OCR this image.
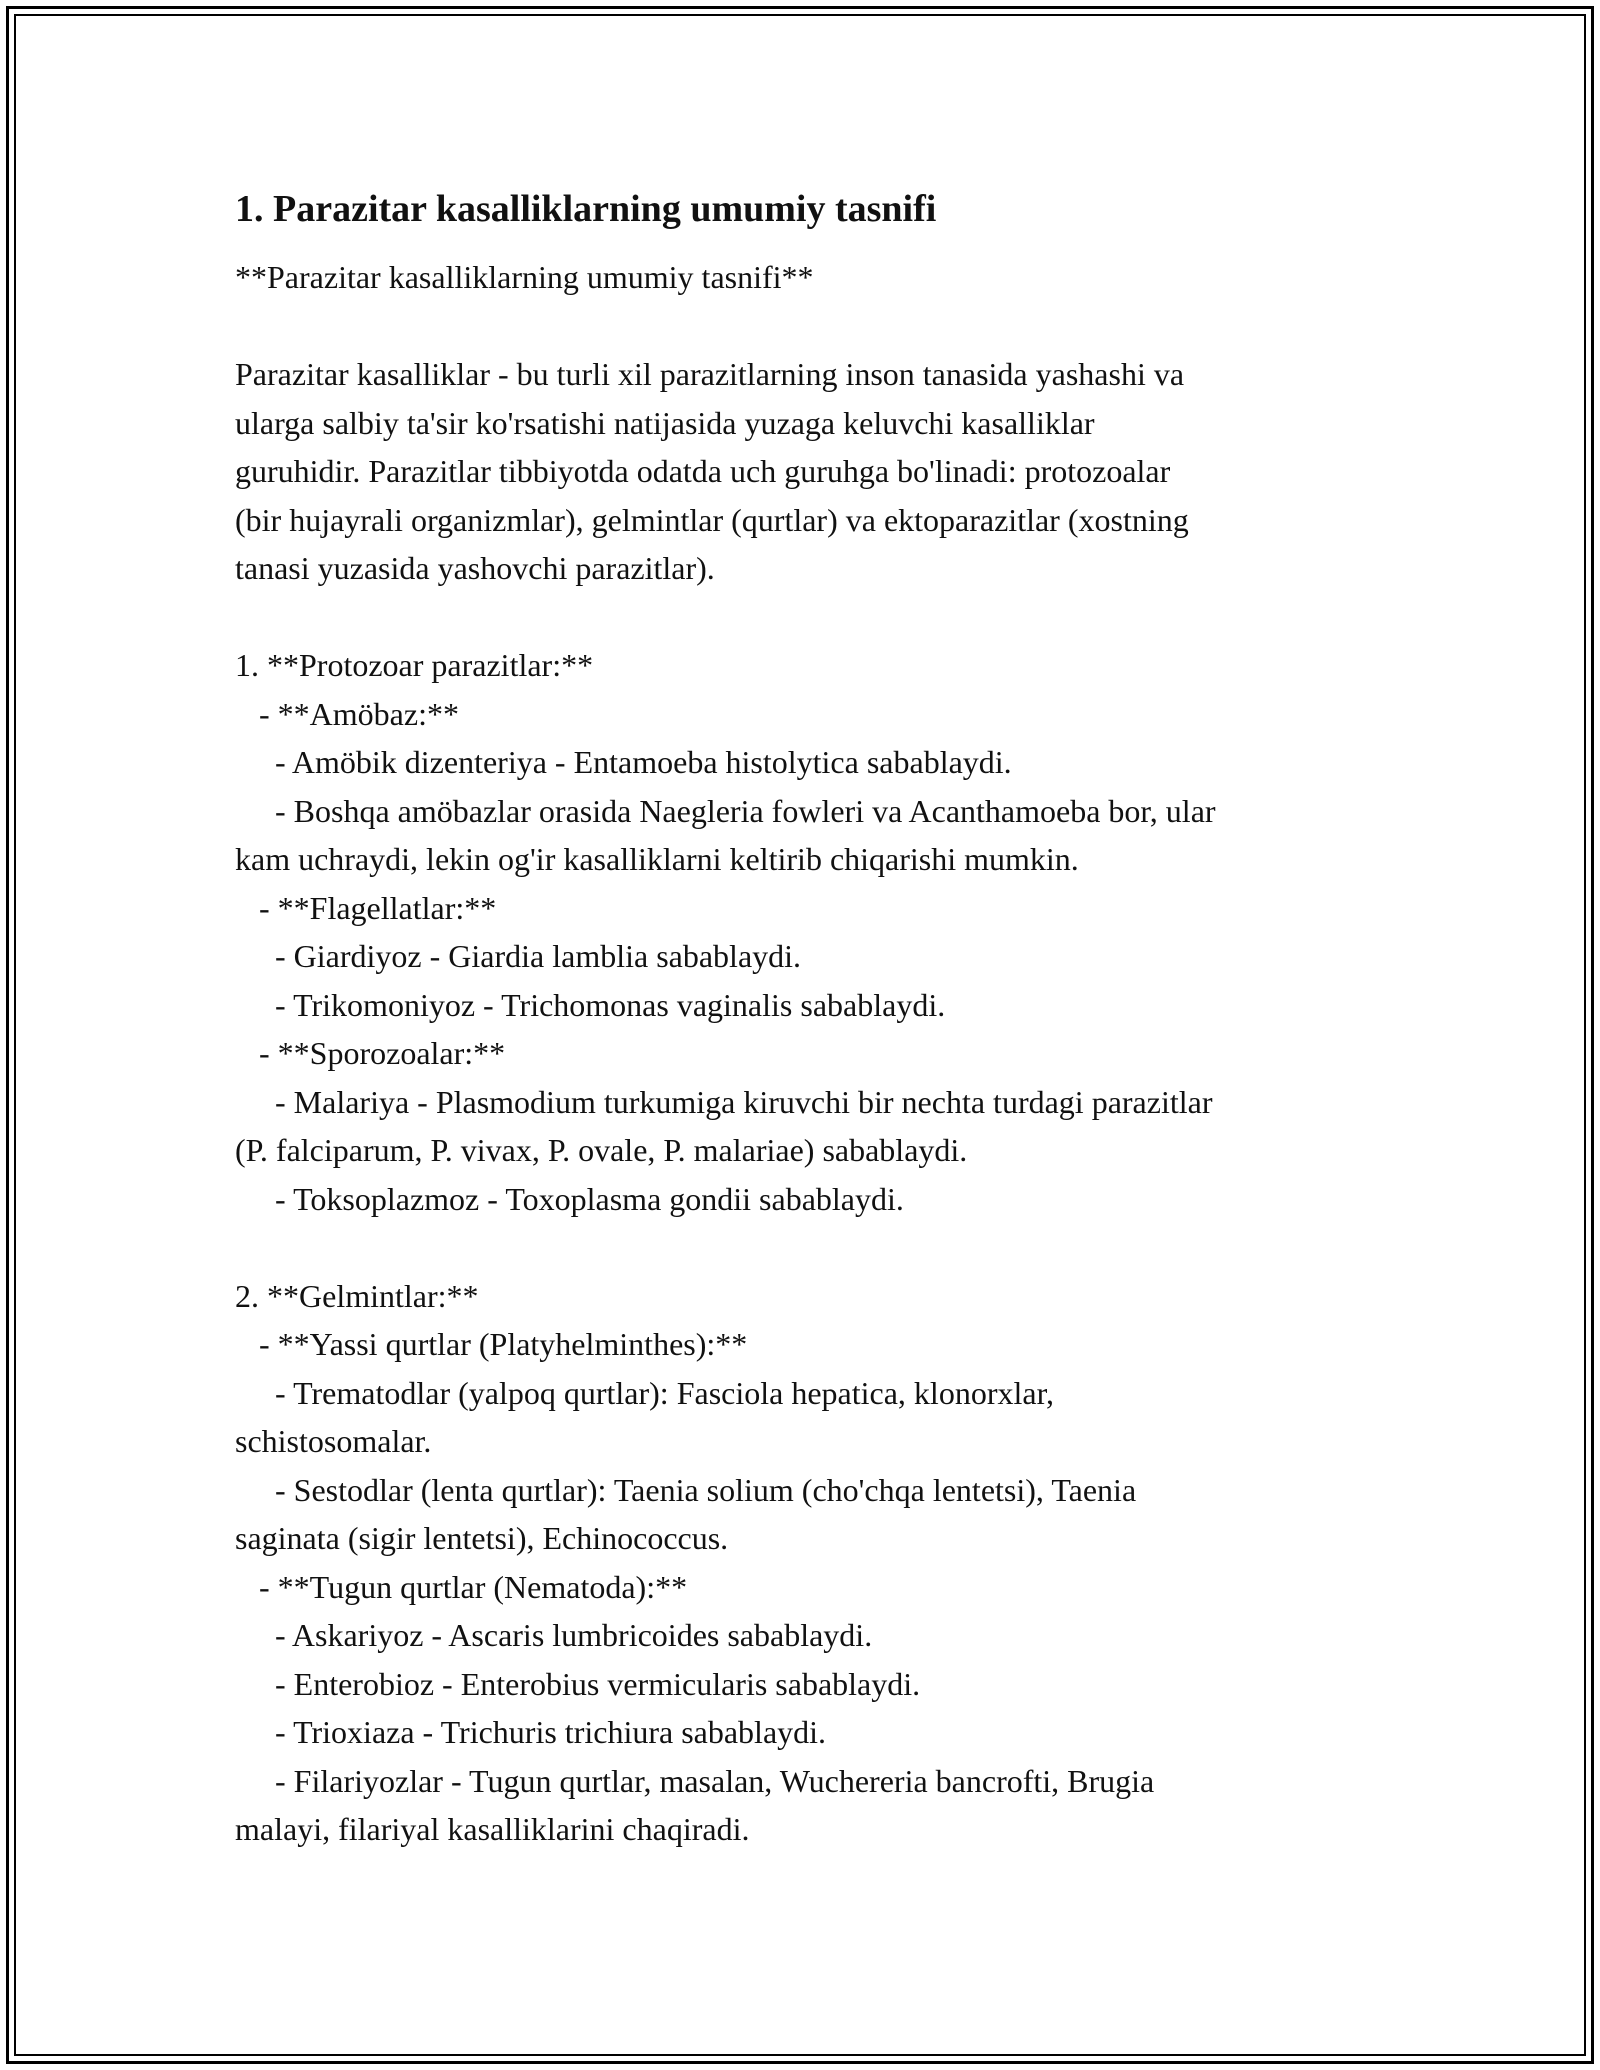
1. Parazitar kasalliklarning umumiy tasnifi

**Parazitar kasalliklarning umumiy tasnifi**

Parazitar kasalliklar - bu turli xil parazitlarning inson tanasida yashashi va

ularga salbiy ta'sir ko'rsatishi natijasida yuzaga keluvchi kasalliklar

guruhidir. Parazitlar tibbiyotda odatda uch guruhga bo'linadi: protozoalar

(bir hujayrali organizmlar), gelmintlar (qurtlar) va ektoparazitlar (xostning

tanasi yuzasida yashovchi parazitlar).

1. **Protozoar parazitlar:**

- **Amöbaz:**

- Amöbik dizenteriya - Entamoeba histolytica sabablaydi.

- Boshqa amöbazlar orasida Naegleria fowleri va Acanthamoeba bor, ular

kam uchraydi, lekin og'ir kasalliklarni keltirib chiqarishi mumkin.

- **Flagellatlar:**

- Giardiyoz - Giardia lamblia sabablaydi.

- Trikomoniyoz - Trichomonas vaginalis sabablaydi.

- **Sporozoalar:**

- Malariya - Plasmodium turkumiga kiruvchi bir nechta turdagi parazitlar

(P. falciparum, P. vivax, P. ovale, P. malariae) sabablaydi.

- Toksoplazmoz - Toxoplasma gondii sabablaydi.

2. **Gelmintlar:**

- **Yassi qurtlar (Platyhelminthes):**

- Trematodlar (yalpoq qurtlar): Fasciola hepatica, klonorxlar,

schistosomalar.

- Sestodlar (lenta qurtlar): Taenia solium (cho'chqa lentetsi), Taenia

saginata (sigir lentetsi), Echinococcus.

- **Tugun qurtlar (Nematoda):**

- Askariyoz - Ascaris lumbricoides sabablaydi.

- Enterobioz - Enterobius vermicularis sabablaydi.

- Trioxiaza - Trichuris trichiura sabablaydi.

- Filariyozlar - Tugun qurtlar, masalan, Wuchereria bancrofti, Brugia

malayi, filariyal kasalliklarini chaqiradi.
